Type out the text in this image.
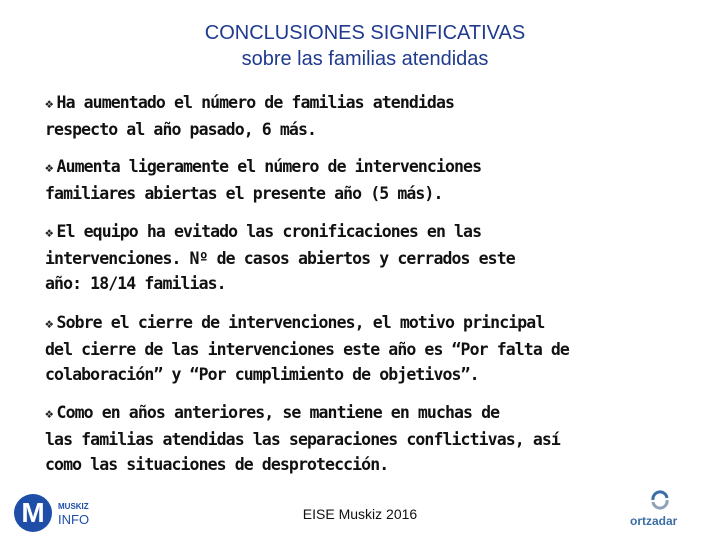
CONCLUSIONES SIGNIFICATIVAS
sobre las familias atendidas
❖ Ha aumentado el número de familias atendidas
respecto al año pasado, 6 más.
❖ Aumenta ligeramente el número de intervenciones
familiares abiertas el presente año (5 más).
❖ El equipo ha evitado las cronificaciones en las
intervenciones. Nº de casos abiertos y cerrados este
año: 18/14 familias.
❖ Sobre el cierre de intervenciones, el motivo principal
del cierre de las intervenciones este año es “Por falta de
colaboración” y “Por cumplimiento de objetivos”.
❖ Como en años anteriores, se mantiene en muchas de
las familias atendidas las separaciones conflictivas, así
como las situaciones de desprotección.
M	MUSKIZ
INFO	EISE Muskiz 2016	ortzadar
